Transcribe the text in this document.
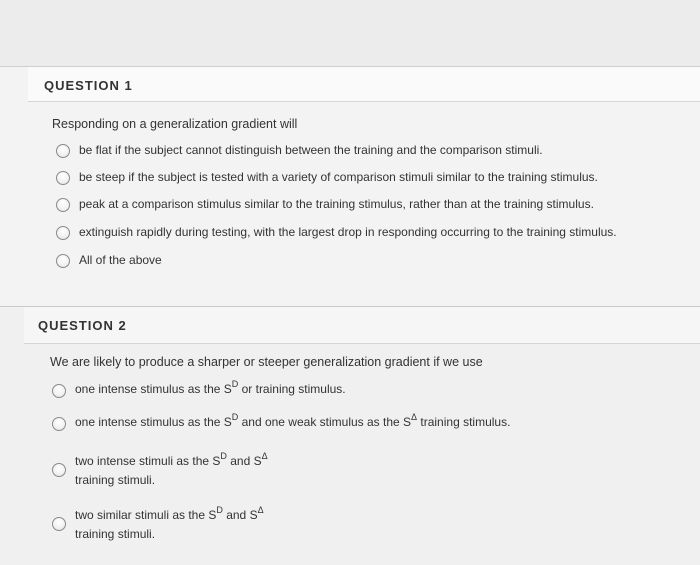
QUESTION 1
Responding on a generalization gradient will
be flat if the subject cannot distinguish between the training and the comparison stimuli.
be steep if the subject is tested with a variety of comparison stimuli similar to the training stimulus.
peak at a comparison stimulus similar to the training stimulus, rather than at the training stimulus.
extinguish rapidly during testing, with the largest drop in responding occurring to the training stimulus.
All of the above
QUESTION 2
We are likely to produce a sharper or steeper generalization gradient if we use
one intense stimulus as the $S^D$ or training stimulus.
one intense stimulus as the $S^D$ and one weak stimulus as the $S^\Delta$ training stimulus.
two intense stimuli as the $S^D$ and $S^\Delta$
training stimuli.
two similar stimuli as the $S^D$ and $S^\Delta$
training stimuli.
